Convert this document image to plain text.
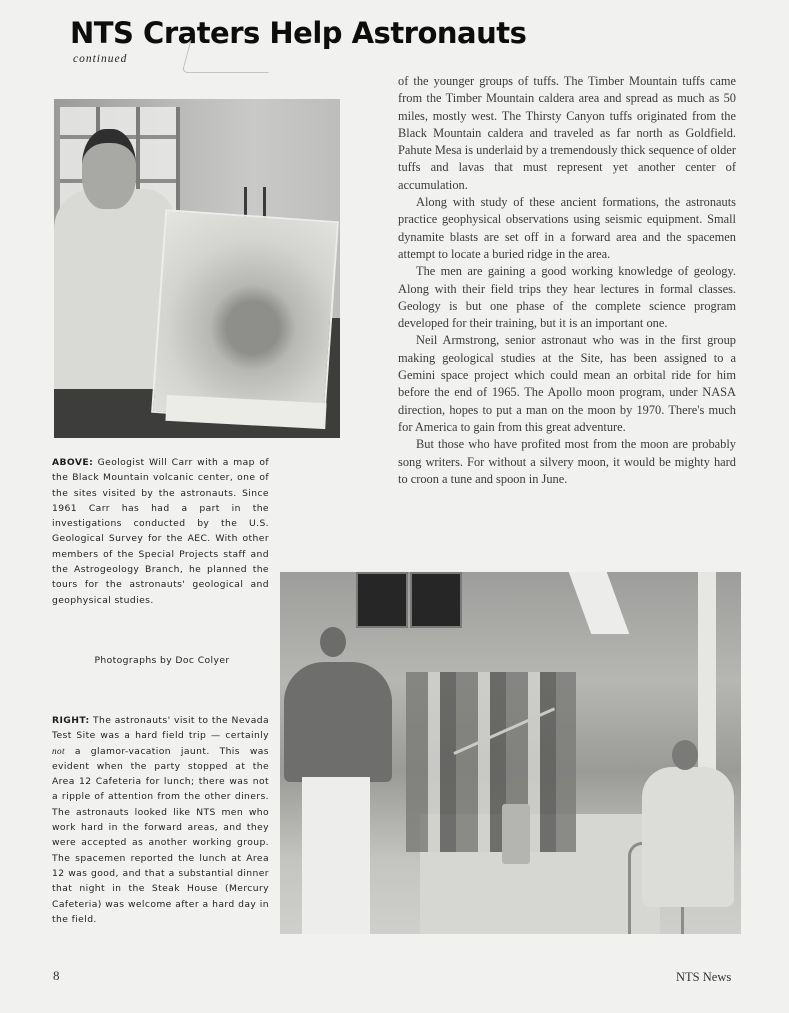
NTS Craters Help Astronauts
continued

of the younger groups of tuffs. The Timber Mountain tuffs came from the Timber Mountain caldera area and spread as much as 50 miles, mostly west. The Thirsty Canyon tuffs originated from the Black Mountain caldera and traveled as far north as Goldfield. Pahute Mesa is underlaid by a tremendously thick sequence of older tuffs and lavas that must represent yet another center of accumulation.

Along with study of these ancient formations, the astronauts practice geophysical observations using seismic equipment. Small dynamite blasts are set off in a forward area and the spacemen attempt to locate a buried ridge in the area.

The men are gaining a good working knowledge of geology. Along with their field trips they hear lectures in formal classes. Geology is but one phase of the complete science program developed for their training, but it is an important one.

Neil Armstrong, senior astronaut who was in the first group making geological studies at the Site, has been assigned to a Gemini space project which could mean an orbital ride for him before the end of 1965. The Apollo moon program, under NASA direction, hopes to put a man on the moon by 1970. There's much for America to gain from this great adventure.

But those who have profited most from the moon are probably song writers. For without a silvery moon, it would be mighty hard to croon a tune and spoon in June.

ABOVE: Geologist Will Carr with a map of the Black Mountain volcanic center, one of the sites visited by the astronauts. Since 1961 Carr has had a part in the investigations conducted by the U.S. Geological Survey for the AEC. With other members of the Special Projects staff and the Astrogeology Branch, he planned the tours for the astronauts' geological and geophysical studies.
Photographs by Doc Colyer
RIGHT: The astronauts' visit to the Nevada Test Site was a hard field trip — certainly not a glamor-vacation jaunt. This was evident when the party stopped at the Area 12 Cafeteria for lunch; there was not a ripple of attention from the other diners. The astronauts looked like NTS men who work hard in the forward areas, and they were accepted as another working group. The spacemen reported the lunch at Area 12 was good, and that a substantial dinner that night in the Steak House (Mercury Cafeteria) was welcome after a hard day in the field.
8	NTS News
